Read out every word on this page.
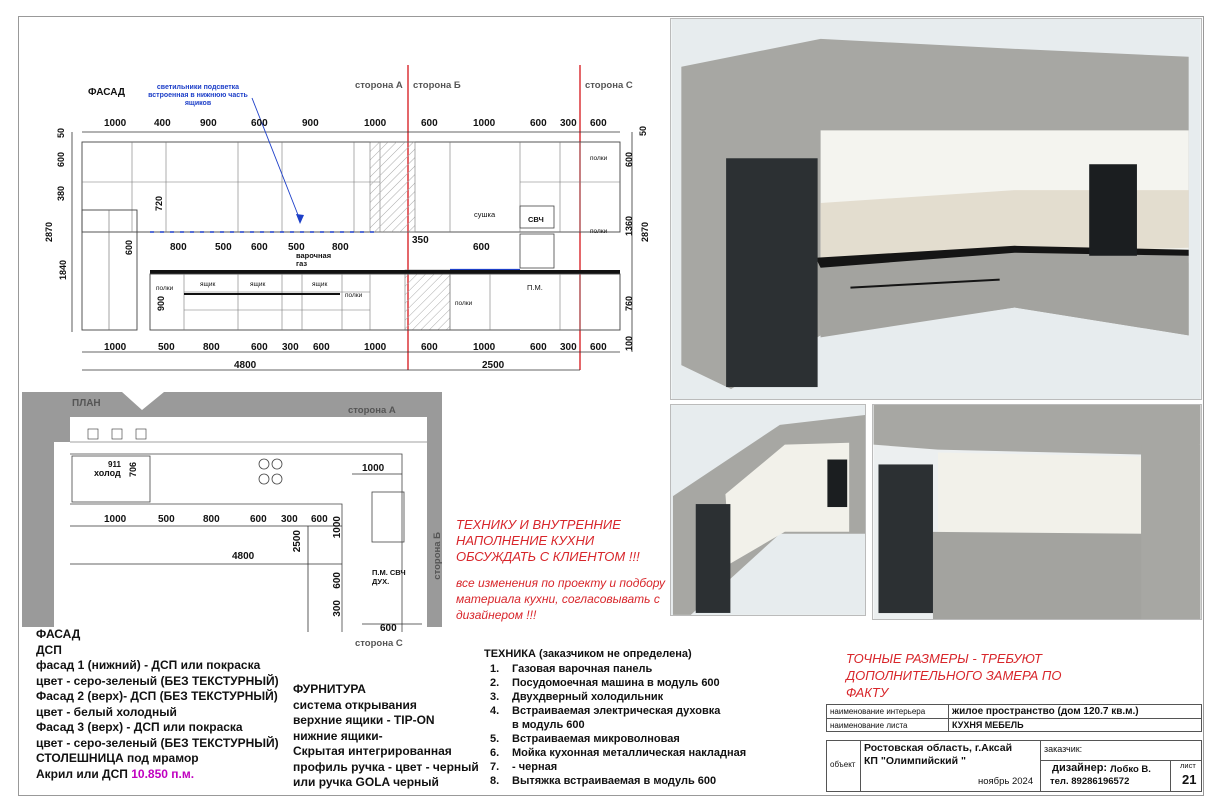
ФАСАД	светильники подсветка встроенная в нижнюю часть ящиков
сторона А сторона Б	сторона С
варочная газ
сушка
СВЧ
П.М.
1000	400	900	600	900	1000	600	1000	600 300 600
800	500 600 500	800
350
600
1000	500	800	600 300 600	1000	600	1000	600 300 600
4800	2500
50
600
380
720
600
2870
1840
900
50
600
1360 2870
760
100
ящик	ящик	ящик
полки
полки
полки
полки
полки
ПЛАН
сторона А
сторона Б
сторона С
холод
911
П.М. СВЧ ДУХ.
1000	500	800	600 300 600
4800
1000
2500
1000
600
300
600
706
ТЕХНИКУ И ВНУТРЕННИЕ НАПОЛНЕНИЕ КУХНИ ОБСУЖДАТЬ С КЛИЕНТОМ !!!
все изменения по проекту и подбору материала кухни, согласовывать с дизайнером !!!
ТОЧНЫЕ РАЗМЕРЫ - ТРЕБУЮТ ДОПОЛНИТЕЛЬНОГО ЗАМЕРА ПО ФАКТУ
ФАСАД
ДСП
фасад 1 (нижний) - ДСП или покраска
цвет - серо-зеленый (БЕЗ ТЕКСТУРНЫЙ)
Фасад 2 (верх)- ДСП (БЕЗ ТЕКСТУРНЫЙ)
цвет - белый холодный
Фасад 3 (верх) - ДСП или покраска
цвет - серо-зеленый (БЕЗ ТЕКСТУРНЫЙ)
СТОЛЕШНИЦА под мрамор
Акрил или ДСП 10.850 п.м.
ФУРНИТУРА
система открывания
верхние ящики - TIP-ON
нижние ящики-
Скрытая интегрированная
профиль ручка - цвет - черный
или ручка GOLA черный
ТЕХНИКА (заказчиком не определена)
1. Газовая варочная панель
2. Посудомоечная машина в модуль 600
3. Двухдверный холодильник
4. Встраиваемая электрическая духовка
в модуль 600
5. Встраиваемая микроволновая
6. Мойка кухонная металлическая накладная
7. - черная
8. Вытяжка встраиваемая в модуль 600
наименование интерьера	жилое пространство (дом 120.7 кв.м.)
наименование листа	КУХНЯ МЕБЕЛЬ
объект
Ростовская область, г.Аксай
КП "Олимпийский "
ноябрь 2024
заказчик:
дизайнер: Лобко В.
тел. 89286196572
лист
21
